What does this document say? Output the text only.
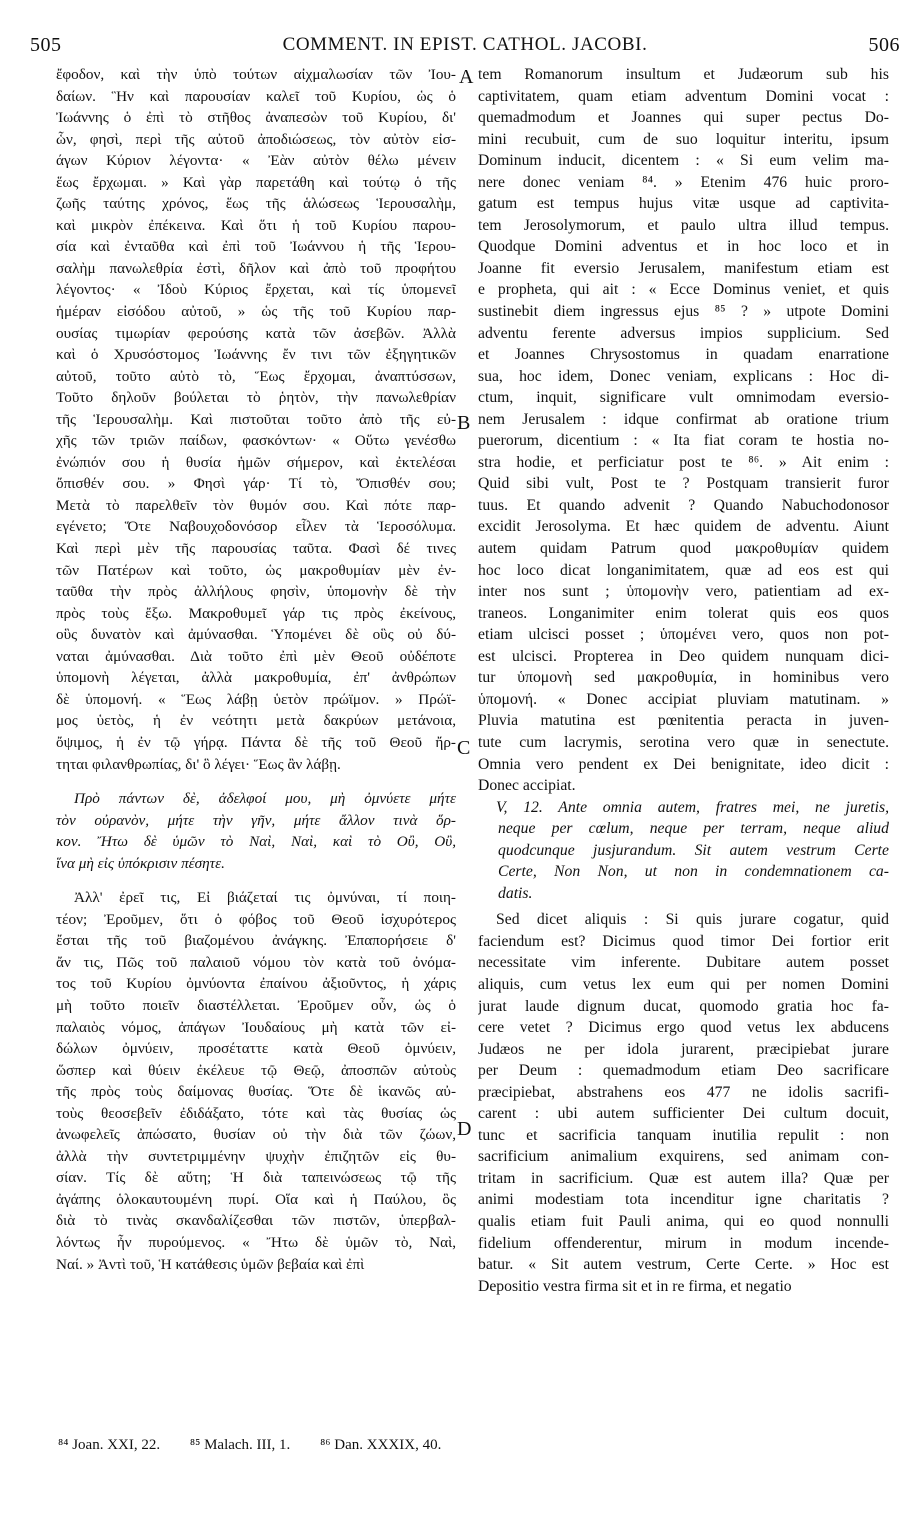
505	COMMENT. IN EPIST. CATHOL. JACOBI.	506
ἔφοδον, καὶ τὴν ὑπὸ τούτων αἰχμαλωσίαν τῶν Ἰου-
δαίων. Ἣν καὶ παρουσίαν καλεῖ τοῦ Κυρίου, ὡς ὁ
Ἰωάννης ὁ ἐπὶ τὸ στῆθος ἀναπεσὼν τοῦ Κυρίου, δι'
ὧν, φησὶ, περὶ τῆς αὐτοῦ ἀποδιώσεως, τὸν αὐτὸν εἰσ-
άγων Κύριον λέγοντα· « Ἐὰν αὐτὸν θέλω μένειν
ἕως ἔρχωμαι. » Καὶ γὰρ παρετάθη καὶ τούτῳ ὁ τῆς
ζωῆς ταύτης χρόνος, ἕως τῆς ἁλώσεως Ἱερουσαλὴμ,
καὶ μικρὸν ἐπέκεινα. Καὶ ὅτι ἡ τοῦ Κυρίου παρου-
σία καὶ ἐνταῦθα καὶ ἐπὶ τοῦ Ἰωάννου ἡ τῆς Ἱερου-
σαλὴμ πανωλεθρία ἐστὶ, δῆλον καὶ ἀπὸ τοῦ προφήτου
λέγοντος· « Ἰδοὺ Κύριος ἔρχεται, καὶ τίς ὑπομενεῖ
ἡμέραν εἰσόδου αὐτοῦ, » ὡς τῆς τοῦ Κυρίου παρ-
ουσίας τιμωρίαν φερούσης κατὰ τῶν ἀσεβῶν. Ἀλλὰ
καὶ ὁ Χρυσόστομος Ἰωάννης ἔν τινι τῶν ἐξηγητικῶν
αὐτοῦ, τοῦτο αὐτὸ τὸ, Ἕως ἔρχομαι, ἀναπτύσσων,
Τοῦτο δηλοῦν βούλεται τὸ ῥητὸν, τὴν πανωλεθρίαν
τῆς Ἱερουσαλὴμ. Καὶ πιστοῦται τοῦτο ἀπὸ τῆς εὐ-
χῆς τῶν τριῶν παίδων, φασκόντων· « Οὕτω γενέσθω
ἐνώπιόν σου ἡ θυσία ἡμῶν σήμερον, καὶ ἐκτελέσαι
ὄπισθέν σου. » Φησὶ γάρ· Τί τὸ, Ὄπισθέν σου;
Μετὰ τὸ παρελθεῖν τὸν θυμόν σου. Καὶ πότε παρ-
εγένετο; Ὅτε Ναβουχοδονόσορ εἷλεν τὰ Ἱεροσόλυμα.
Καὶ περὶ μὲν τῆς παρουσίας ταῦτα. Φασὶ δέ τινες
τῶν Πατέρων καὶ τοῦτο, ὡς μακροθυμίαν μὲν ἐν-
ταῦθα τὴν πρὸς ἀλλήλους φησὶν, ὑπομονὴν δὲ τὴν
πρὸς τοὺς ἔξω. Μακροθυμεῖ γάρ τις πρὸς ἐκείνους,
οὓς δυνατὸν καὶ ἀμύνασθαι. Ὑπομένει δὲ οὓς οὐ δύ-
ναται ἀμύνασθαι. Διὰ τοῦτο ἐπὶ μὲν Θεοῦ οὐδέποτε
ὑπομονὴ λέγεται, ἀλλὰ μακροθυμία, ἐπ' ἀνθρώπων
δὲ ὑπομονή. « Ἕως λάβῃ ὑετὸν πρώϊμον. » Πρώϊ-
μος ὑετὸς, ἡ ἐν νεότητι μετὰ δακρύων μετάνοια,
ὄψιμος, ἡ ἐν τῷ γήρᾳ. Πάντα δὲ τῆς τοῦ Θεοῦ ἤρ-
τηται φιλανθρωπίας, δι' ὃ λέγει· Ἕως ἂν λάβῃ.
Πρὸ πάντων δὲ, ἀδελφοί μου, μὴ ὀμνύετε μήτε
τὸν οὐρανὸν, μήτε τὴν γῆν, μήτε ἄλλον τινὰ ὅρ-
κον. Ἤτω δὲ ὑμῶν τὸ Ναὶ, Ναὶ, καὶ τὸ Οὒ, Οὒ,
ἵνα μὴ εἰς ὑπόκρισιν πέσητε.
Ἀλλ' ἐρεῖ τις, Εἰ βιάζεταί τις ὀμνύναι, τί ποιη-
τέον; Ἐροῦμεν, ὅτι ὁ φόβος τοῦ Θεοῦ ἰσχυρότερος
ἔσται τῆς τοῦ βιαζομένου ἀνάγκης. Ἐπαπορήσειε δ'
ἄν τις, Πῶς τοῦ παλαιοῦ νόμου τὸν κατὰ τοῦ ὀνόμα-
τος τοῦ Κυρίου ὀμνύοντα ἐπαίνου ἀξιοῦντος, ἡ χάρις
μὴ τοῦτο ποιεῖν διαστέλλεται. Ἐροῦμεν οὖν, ὡς ὁ
παλαιὸς νόμος, ἀπάγων Ἰουδαίους μὴ κατὰ τῶν εἰ-
δώλων ὀμνύειν, προσέταττε κατὰ Θεοῦ ὀμνύειν,
ὥσπερ καὶ θύειν ἐκέλευε τῷ Θεῷ, ἀποσπῶν αὐτοὺς
τῆς πρὸς τοὺς δαίμονας θυσίας. Ὅτε δὲ ἱκανῶς αὐ-
τοὺς θεοσεβεῖν ἐδιδάξατο, τότε καὶ τὰς θυσίας ὡς
ἀνωφελεῖς ἀπώσατο, θυσίαν οὐ τὴν διὰ τῶν ζώων,
ἀλλὰ τὴν συντετριμμένην ψυχὴν ἐπιζητῶν εἰς θυ-
σίαν. Τίς δὲ αὕτη; Ἡ διὰ ταπεινώσεως τῷ τῆς
ἀγάπης ὁλοκαυτουμένη πυρί. Οἵα καὶ ἡ Παύλου, ὃς
διὰ τὸ τινὰς σκανδαλίζεσθαι τῶν πιστῶν, ὑπερβαλ-
λόντως ἦν πυρούμενος. « Ἤτω δὲ ὑμῶν τὸ, Ναὶ,
Ναί. » Ἀντὶ τοῦ, Ἡ κατάθεσις ὑμῶν βεβαία καὶ ἐπὶ
tem Romanorum insultum et Judæorum sub his
captivitatem, quam etiam adventum Domini vocat :
quemadmodum et Joannes qui super pectus Do-
mini recubuit, cum de suo loquitur interitu, ipsum
Dominum inducit, dicentem : « Si eum velim ma-
nere donec veniam ⁸⁴. » Etenim 476 huic proro-
gatum est tempus hujus vitæ usque ad captivita-
tem Jerosolymorum, et paulo ultra illud tempus.
Quodque Domini adventus et in hoc loco et in
Joanne fit eversio Jerusalem, manifestum etiam est
e propheta, qui ait : « Ecce Dominus veniet, et quis
sustinebit diem ingressus ejus ⁸⁵ ? » utpote Domini
adventu ferente adversus impios supplicium. Sed
et Joannes Chrysostomus in quadam enarratione
sua, hoc idem, Donec veniam, explicans : Hoc di-
ctum, inquit, significare vult omnimodam eversio-
nem Jerusalem : idque confirmat ab oratione trium
puerorum, dicentium : « Ita fiat coram te hostia no-
stra hodie, et perficiatur post te ⁸⁶. » Ait enim :
Quid sibi vult, Post te ? Postquam transierit furor
tuus. Et quando advenit ? Quando Nabuchodonosor
excidit Jerosolyma. Et hæc quidem de adventu. Aiunt
autem quidam Patrum quod μακροθυμίαν quidem
hoc loco dicat longanimitatem, quæ ad eos est qui
inter nos sunt ; ὑπομονὴν vero, patientiam ad ex-
traneos. Longanimiter enim tolerat quis eos quos
etiam ulcisci posset ; ὑπομένει vero, quos non pot-
est ulcisci. Propterea in Deo quidem nunquam dici-
tur ὑπομονὴ sed μακροθυμία, in hominibus vero
ὑπομονή. « Donec accipiat pluviam matutinam. »
Pluvia matutina est pœnitentia peracta in juven-
tute cum lacrymis, serotina vero quæ in senectute.
Omnia vero pendent ex Dei benignitate, ideo dicit :
Donec accipiat.
V, 12. Ante omnia autem, fratres mei, ne juretis,
neque per cœlum, neque per terram, neque aliud
quodcunque jusjurandum. Sit autem vestrum Certe
Certe, Non Non, ut non in condemnationem ca-
datis.
Sed dicet aliquis : Si quis jurare cogatur, quid
faciendum est? Dicimus quod timor Dei fortior erit
necessitate vim inferente. Dubitare autem posset
aliquis, cum vetus lex eum qui per nomen Domini
jurat laude dignum ducat, quomodo gratia hoc fa-
cere vetet ? Dicimus ergo quod vetus lex abducens
Judæos ne per idola jurarent, præcipiebat jurare
per Deum : quemadmodum etiam Deo sacrificare
præcipiebat, abstrahens eos 477 ne idolis sacrifi-
carent : ubi autem sufficienter Dei cultum docuit,
tunc et sacrificia tanquam inutilia repulit : non
sacrificium animalium exquirens, sed animam con-
tritam in sacrificium. Quæ est autem illa? Quæ per
animi modestiam tota incenditur igne charitatis ?
qualis etiam fuit Pauli anima, qui eo quod nonnulli
fidelium offenderentur, mirum in modum incende-
batur. « Sit autem vestrum, Certe Certe. » Hoc est
Depositio vestra firma sit et in re firma, et negatio
A
B
C
D
⁸⁴ Joan. XXI, 22. ⁸⁵ Malach. III, 1. ⁸⁶ Dan. XXXIX, 40.
